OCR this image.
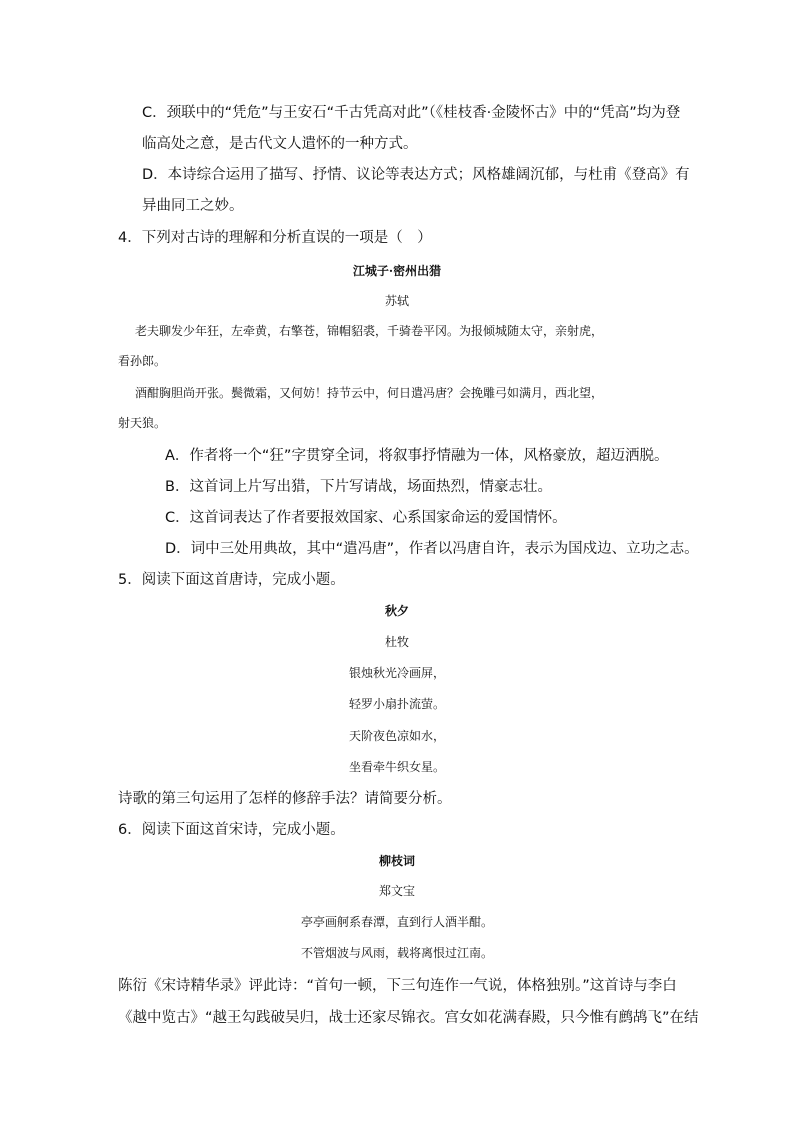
C．颈联中的“凭危”与王安石“千古凭高对此”（《桂枝香·金陵怀古》中的“凭高”均为登
临高处之意，是古代文人遣怀的一种方式。
D．本诗综合运用了描写、抒情、议论等表达方式；风格雄阔沉郁，与杜甫《登高》有
异曲同工之妙。
4．下列对古诗的理解和分析直误的一项是（　）
江城子·密州出猎
苏轼
老夫聊发少年狂，左牵黄，右擎苍，锦帽貂裘，千骑卷平冈。为报倾城随太守，亲射虎，
看孙郎。
酒酣胸胆尚开张。鬓微霜，又何妨！持节云中，何日遣冯唐？会挽雕弓如满月，西北望，
射天狼。
A．作者将一个“狂”字贯穿全词，将叙事抒情融为一体，风格豪放，超迈洒脱。
B．这首词上片写出猎，下片写请战，场面热烈，情豪志壮。
C．这首词表达了作者要报效国家、心系国家命运的爱国情怀。
D．词中三处用典故，其中“遣冯唐”，作者以冯唐自许，表示为国戍边、立功之志。
5．阅读下面这首唐诗，完成小题。
秋夕
杜牧
银烛秋光冷画屏，
轻罗小扇扑流萤。
天阶夜色凉如水，
坐看牵牛织女星。
诗歌的第三句运用了怎样的修辞手法？请简要分析。
6．阅读下面这首宋诗，完成小题。
柳枝词
郑文宝
亭亭画舸系春潭，直到行人酒半酣。
不管烟波与风雨，载将离恨过江南。
陈衍《宋诗精华录》评此诗：“首句一顿，下三句连作一气说，体格独别。”这首诗与李白
《越中览古》“越王勾践破吴归，战士还家尽锦衣。宫女如花满春殿，只今惟有鹧鸪飞”在结
